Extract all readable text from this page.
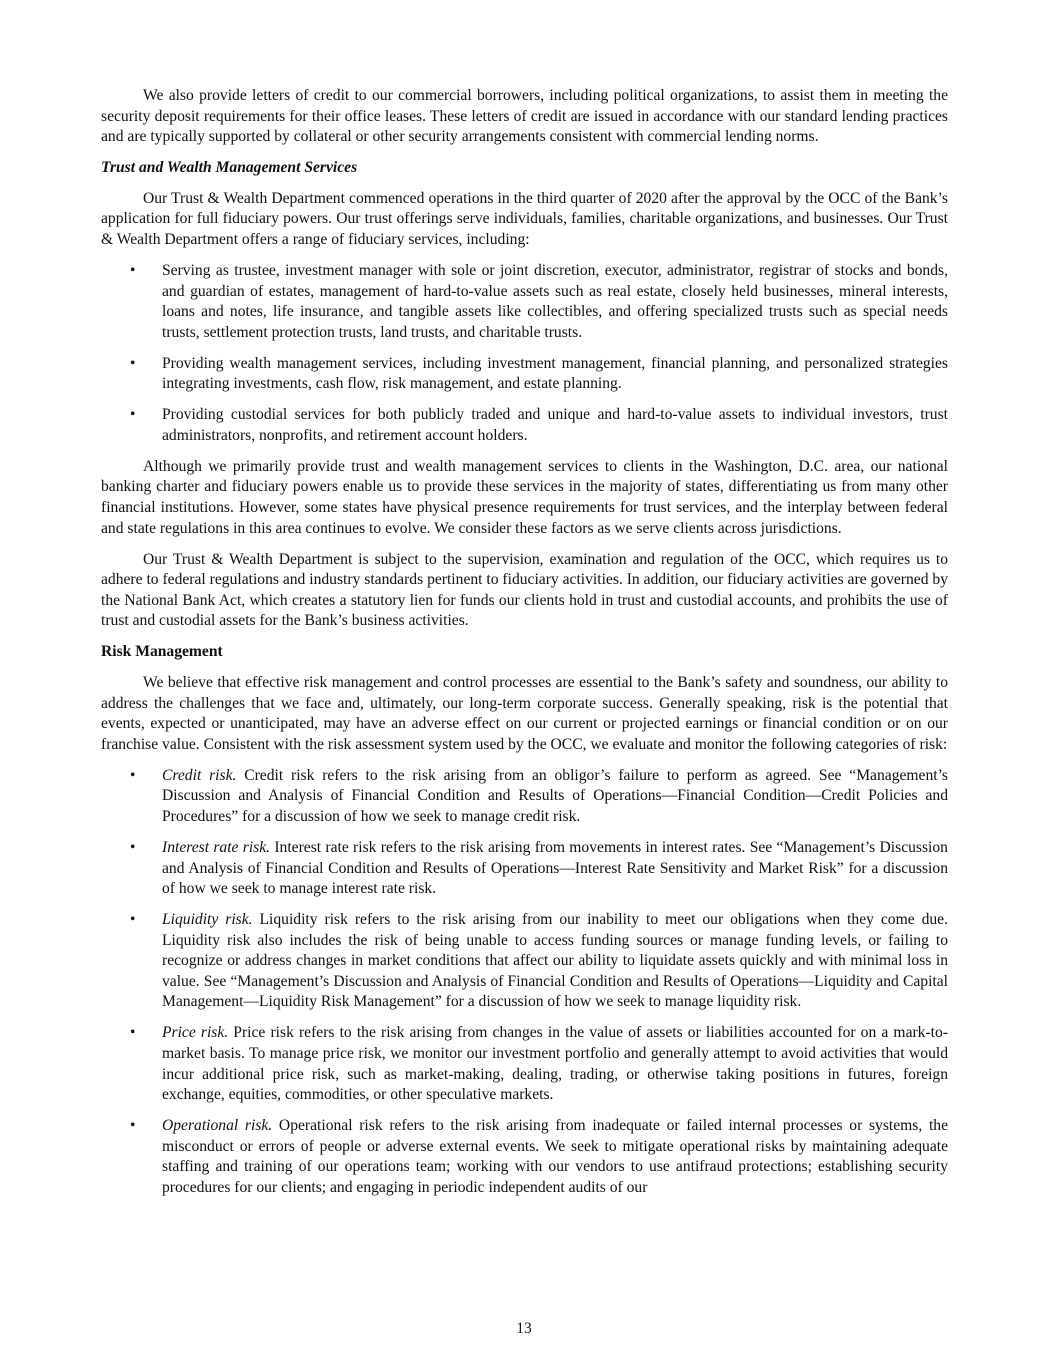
We also provide letters of credit to our commercial borrowers, including political organizations, to assist them in meeting the security deposit requirements for their office leases. These letters of credit are issued in accordance with our standard lending practices and are typically supported by collateral or other security arrangements consistent with commercial lending norms.

Trust and Wealth Management Services

Our Trust & Wealth Department commenced operations in the third quarter of 2020 after the approval by the OCC of the Bank’s application for full fiduciary powers. Our trust offerings serve individuals, families, charitable organizations, and businesses. Our Trust & Wealth Department offers a range of fiduciary services, including:

• Serving as trustee, investment manager with sole or joint discretion, executor, administrator, registrar of stocks and bonds, and guardian of estates, management of hard-to-value assets such as real estate, closely held businesses, mineral interests, loans and notes, life insurance, and tangible assets like collectibles, and offering specialized trusts such as special needs trusts, settlement protection trusts, land trusts, and charitable trusts.
• Providing wealth management services, including investment management, financial planning, and personalized strategies integrating investments, cash flow, risk management, and estate planning.
• Providing custodial services for both publicly traded and unique and hard-to-value assets to individual investors, trust administrators, nonprofits, and retirement account holders.

Although we primarily provide trust and wealth management services to clients in the Washington, D.C. area, our national banking charter and fiduciary powers enable us to provide these services in the majority of states, differentiating us from many other financial institutions. However, some states have physical presence requirements for trust services, and the interplay between federal and state regulations in this area continues to evolve. We consider these factors as we serve clients across jurisdictions.

Our Trust & Wealth Department is subject to the supervision, examination and regulation of the OCC, which requires us to adhere to federal regulations and industry standards pertinent to fiduciary activities. In addition, our fiduciary activities are governed by the National Bank Act, which creates a statutory lien for funds our clients hold in trust and custodial accounts, and prohibits the use of trust and custodial assets for the Bank’s business activities.

Risk Management

We believe that effective risk management and control processes are essential to the Bank’s safety and soundness, our ability to address the challenges that we face and, ultimately, our long-term corporate success. Generally speaking, risk is the potential that events, expected or unanticipated, may have an adverse effect on our current or projected earnings or financial condition or on our franchise value. Consistent with the risk assessment system used by the OCC, we evaluate and monitor the following categories of risk:

• Credit risk. Credit risk refers to the risk arising from an obligor’s failure to perform as agreed. See “Management’s Discussion and Analysis of Financial Condition and Results of Operations—Financial Condition—Credit Policies and Procedures” for a discussion of how we seek to manage credit risk.
• Interest rate risk. Interest rate risk refers to the risk arising from movements in interest rates. See “Management’s Discussion and Analysis of Financial Condition and Results of Operations—Interest Rate Sensitivity and Market Risk” for a discussion of how we seek to manage interest rate risk.
• Liquidity risk. Liquidity risk refers to the risk arising from our inability to meet our obligations when they come due. Liquidity risk also includes the risk of being unable to access funding sources or manage funding levels, or failing to recognize or address changes in market conditions that affect our ability to liquidate assets quickly and with minimal loss in value. See “Management’s Discussion and Analysis of Financial Condition and Results of Operations—Liquidity and Capital Management—Liquidity Risk Management” for a discussion of how we seek to manage liquidity risk.
• Price risk. Price risk refers to the risk arising from changes in the value of assets or liabilities accounted for on a mark-to-market basis. To manage price risk, we monitor our investment portfolio and generally attempt to avoid activities that would incur additional price risk, such as market-making, dealing, trading, or otherwise taking positions in futures, foreign exchange, equities, commodities, or other speculative markets.
• Operational risk. Operational risk refers to the risk arising from inadequate or failed internal processes or systems, the misconduct or errors of people or adverse external events. We seek to mitigate operational risks by maintaining adequate staffing and training of our operations team; working with our vendors to use antifraud protections; establishing security procedures for our clients; and engaging in periodic independent audits of our
13
